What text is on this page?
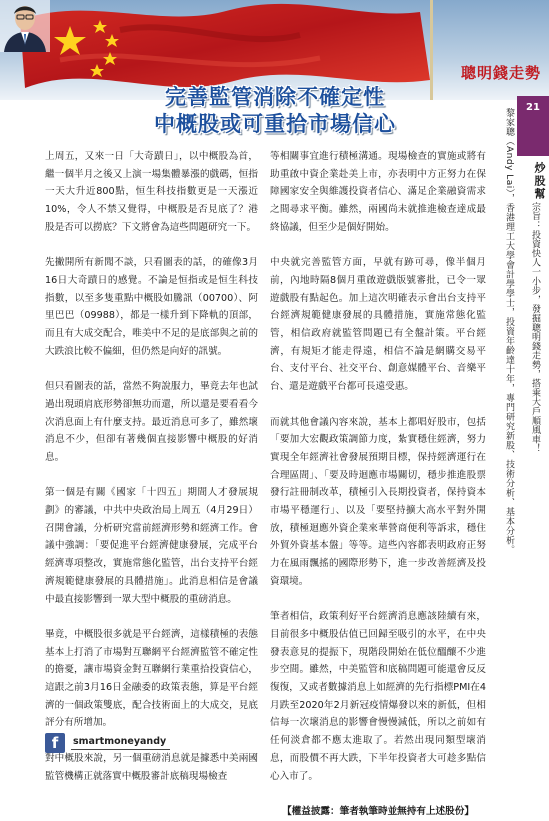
聰明錢走勢
完善監管消除不確定性
中概股或可重拾市場信心

上周五，又來一日「大奇蹟日」，以中概股為首，繼一個半月之後又上演一場集體暴漲的戲碼，恒指一天大升近800點，恒生科技指數更是一天漲近10%，令人不禁又覺得，中概股是否見底了？港股是否可以撈底？下文將會為這些問題研究一下。

先撇開所有新聞不談，只看圖表的話，的確像3月16日大奇蹟日的感覺。不論是恒指或是恒生科技指數，以至多隻重點中概股如騰訊（00700）、阿里巴巴（09988），都是一樣升到下降軌的頂部，而且有大成交配合，唯美中不足的是底部與之前的大跌浪比較不偏細，但仍然是向好的訊號。

但只看圖表的話，當然不夠說服力，畢竟去年也試過出現頭肩底形勢卻無功而還，所以還是要看看今次消息面上有什麼支持。最近消息可多了，雖然壞消息不少，但卻有著幾個直接影響中概股的好消息。

第一個是有關《國家「十四五」期間人才發展規劃》的審議，中共中央政治局上周五（4月29日）召開會議，分析研究當前經濟形勢和經濟工作。會議中強調：「要促進平台經濟健康發展，完成平台經濟專項整改，實施常態化監管，出台支持平台經濟規範健康發展的具體措施」。此消息相信是會議中最直接影響到一眾大型中概股的重磅消息。

畢竟，中概股很多就是平台經濟，這樣積極的表態基本上打消了市場對互聯網平台經濟監管不確定性的擔憂，讓市場資金對互聯網行業重拾投資信心，這跟之前3月16日金融委的政策表態，算是平台經濟的一個政策雙底，配合技術面上的大成交，見底評分有所增加。

對中概股來說，另一個重磅消息就是據悉中美兩國監管機構正就落實中概股審計底稿現場檢查

等相關事宜進行積極溝通。現場檢查的實施或將有助重啟中資企業赴美上市，亦表明中方正努力在保障國家安全與維護投資者信心、滿足企業融資需求之間尋求平衡。雖然，兩國尚未就推進檢查達成最終協議，但至少是個好開始。

中央就完善監管方面，早就有跡可尋，像半個月前，內地時隔8個月重啟遊戲版號審批，已令一眾遊戲股有點起色。加上這次明確表示會出台支持平台經濟規範健康發展的具體措施，實施常態化監管，相信政府就監管問題已有全盤計策。平台經濟，有規矩才能走得遠，相信不論是網購交易平台、支付平台、社交平台、創意媒體平台、音樂平台、還是遊戲平台都可長遠受惠。

而就其他會議內容來說，基本上都唱好股市，包括「要加大宏觀政策調節力度，紮實穩住經濟，努力實現全年經濟社會發展預期目標，保持經濟運行在合理區間」、「要及時迴應市場關切，穩步推進股票發行註冊制改革，積極引入長期投資者，保持資本市場平穩運行」、以及「要堅持擴大高水平對外開放，積極迴應外資企業來華營商便利等訴求，穩住外貿外資基本盤」等等。這些內容都表明政府正努力在風雨飄搖的國際形勢下，進一步改善經濟及投資環境。

筆者相信，政策利好平台經濟消息應該陸續有來，目前很多中概股估值已回歸至吸引的水平，在中央發表意見的提振下，現階段開始在低位醞釀不少進步空間。雖然，中美監管和底稿問題可能還會反反復復，又或者數據消息上如經濟的先行指標PMI在4月跌至2020年2月新冠疫情爆發以來的新低，但相信每一次壞消息的影響會慢慢減低，所以之前如有任何淡倉都不應太進取了。若然出現同類型壞消息，而股價不再大跌，下半年投資者大可趁多點信心入市了。

【權益披露：筆者執筆時並無持有上述股份】

黎家聰（Andy Lai），香港理工大學會計學學士，投資年齡達十年，專門研究新股、技術分析、基本分析。
21
炒股幫
宗旨：投資快人一小步，發掘聰明錢走勢，搭乘大戶順風車！
f	smartmoneyandy
